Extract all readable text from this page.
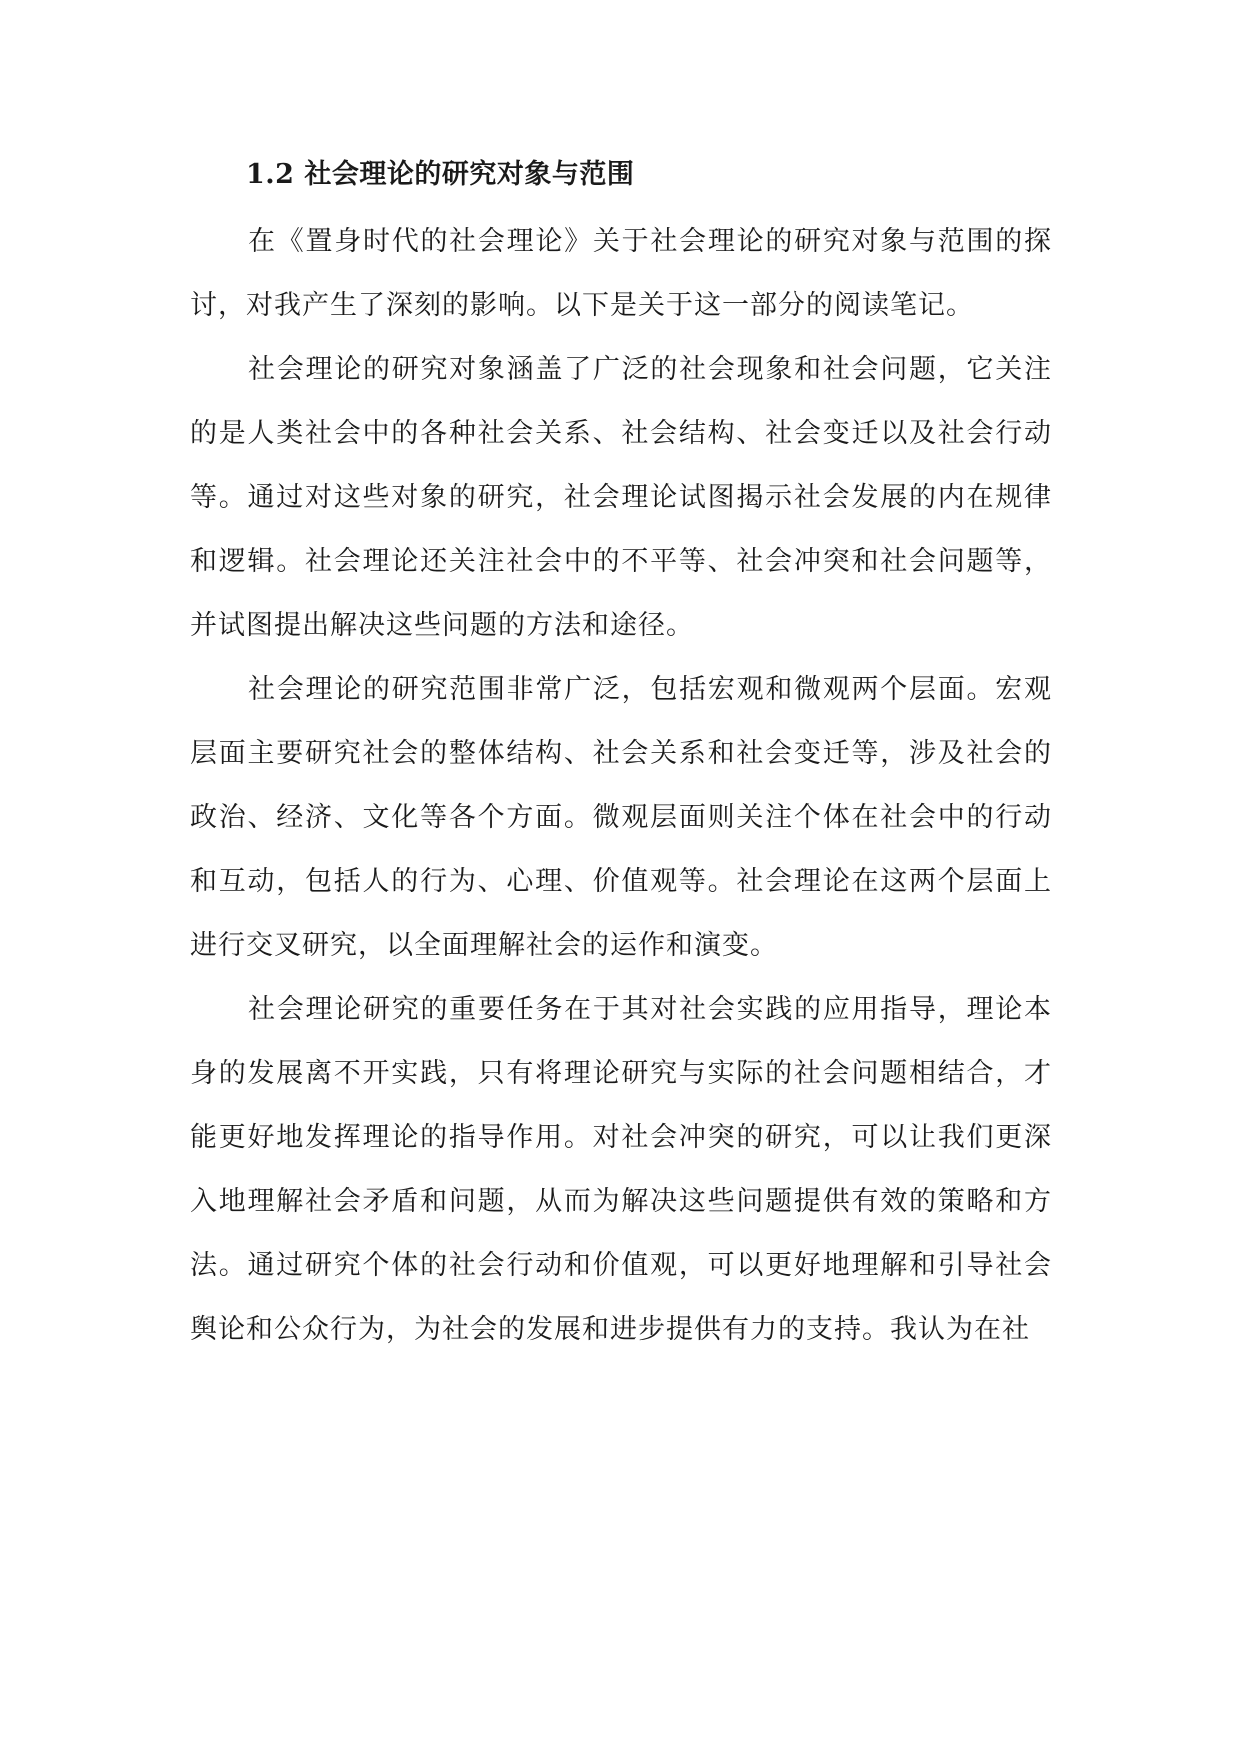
1.2 社会理论的研究对象与范围

在《置身时代的社会理论》关于社会理论的研究对象与范围的探讨，对我产生了深刻的影响。以下是关于这一部分的阅读笔记。

社会理论的研究对象涵盖了广泛的社会现象和社会问题，它关注的是人类社会中的各种社会关系、社会结构、社会变迁以及社会行动等。通过对这些对象的研究，社会理论试图揭示社会发展的内在规律和逻辑。社会理论还关注社会中的不平等、社会冲突和社会问题等，并试图提出解决这些问题的方法和途径。

社会理论的研究范围非常广泛，包括宏观和微观两个层面。宏观层面主要研究社会的整体结构、社会关系和社会变迁等，涉及社会的政治、经济、文化等各个方面。微观层面则关注个体在社会中的行动和互动，包括人的行为、心理、价值观等。社会理论在这两个层面上进行交叉研究，以全面理解社会的运作和演变。

社会理论研究的重要任务在于其对社会实践的应用指导，理论本身的发展离不开实践，只有将理论研究与实际的社会问题相结合，才能更好地发挥理论的指导作用。对社会冲突的研究，可以让我们更深入地理解社会矛盾和问题，从而为解决这些问题提供有效的策略和方法。通过研究个体的社会行动和价值观，可以更好地理解和引导社会舆论和公众行为，为社会的发展和进步提供有力的支持。我认为在社
